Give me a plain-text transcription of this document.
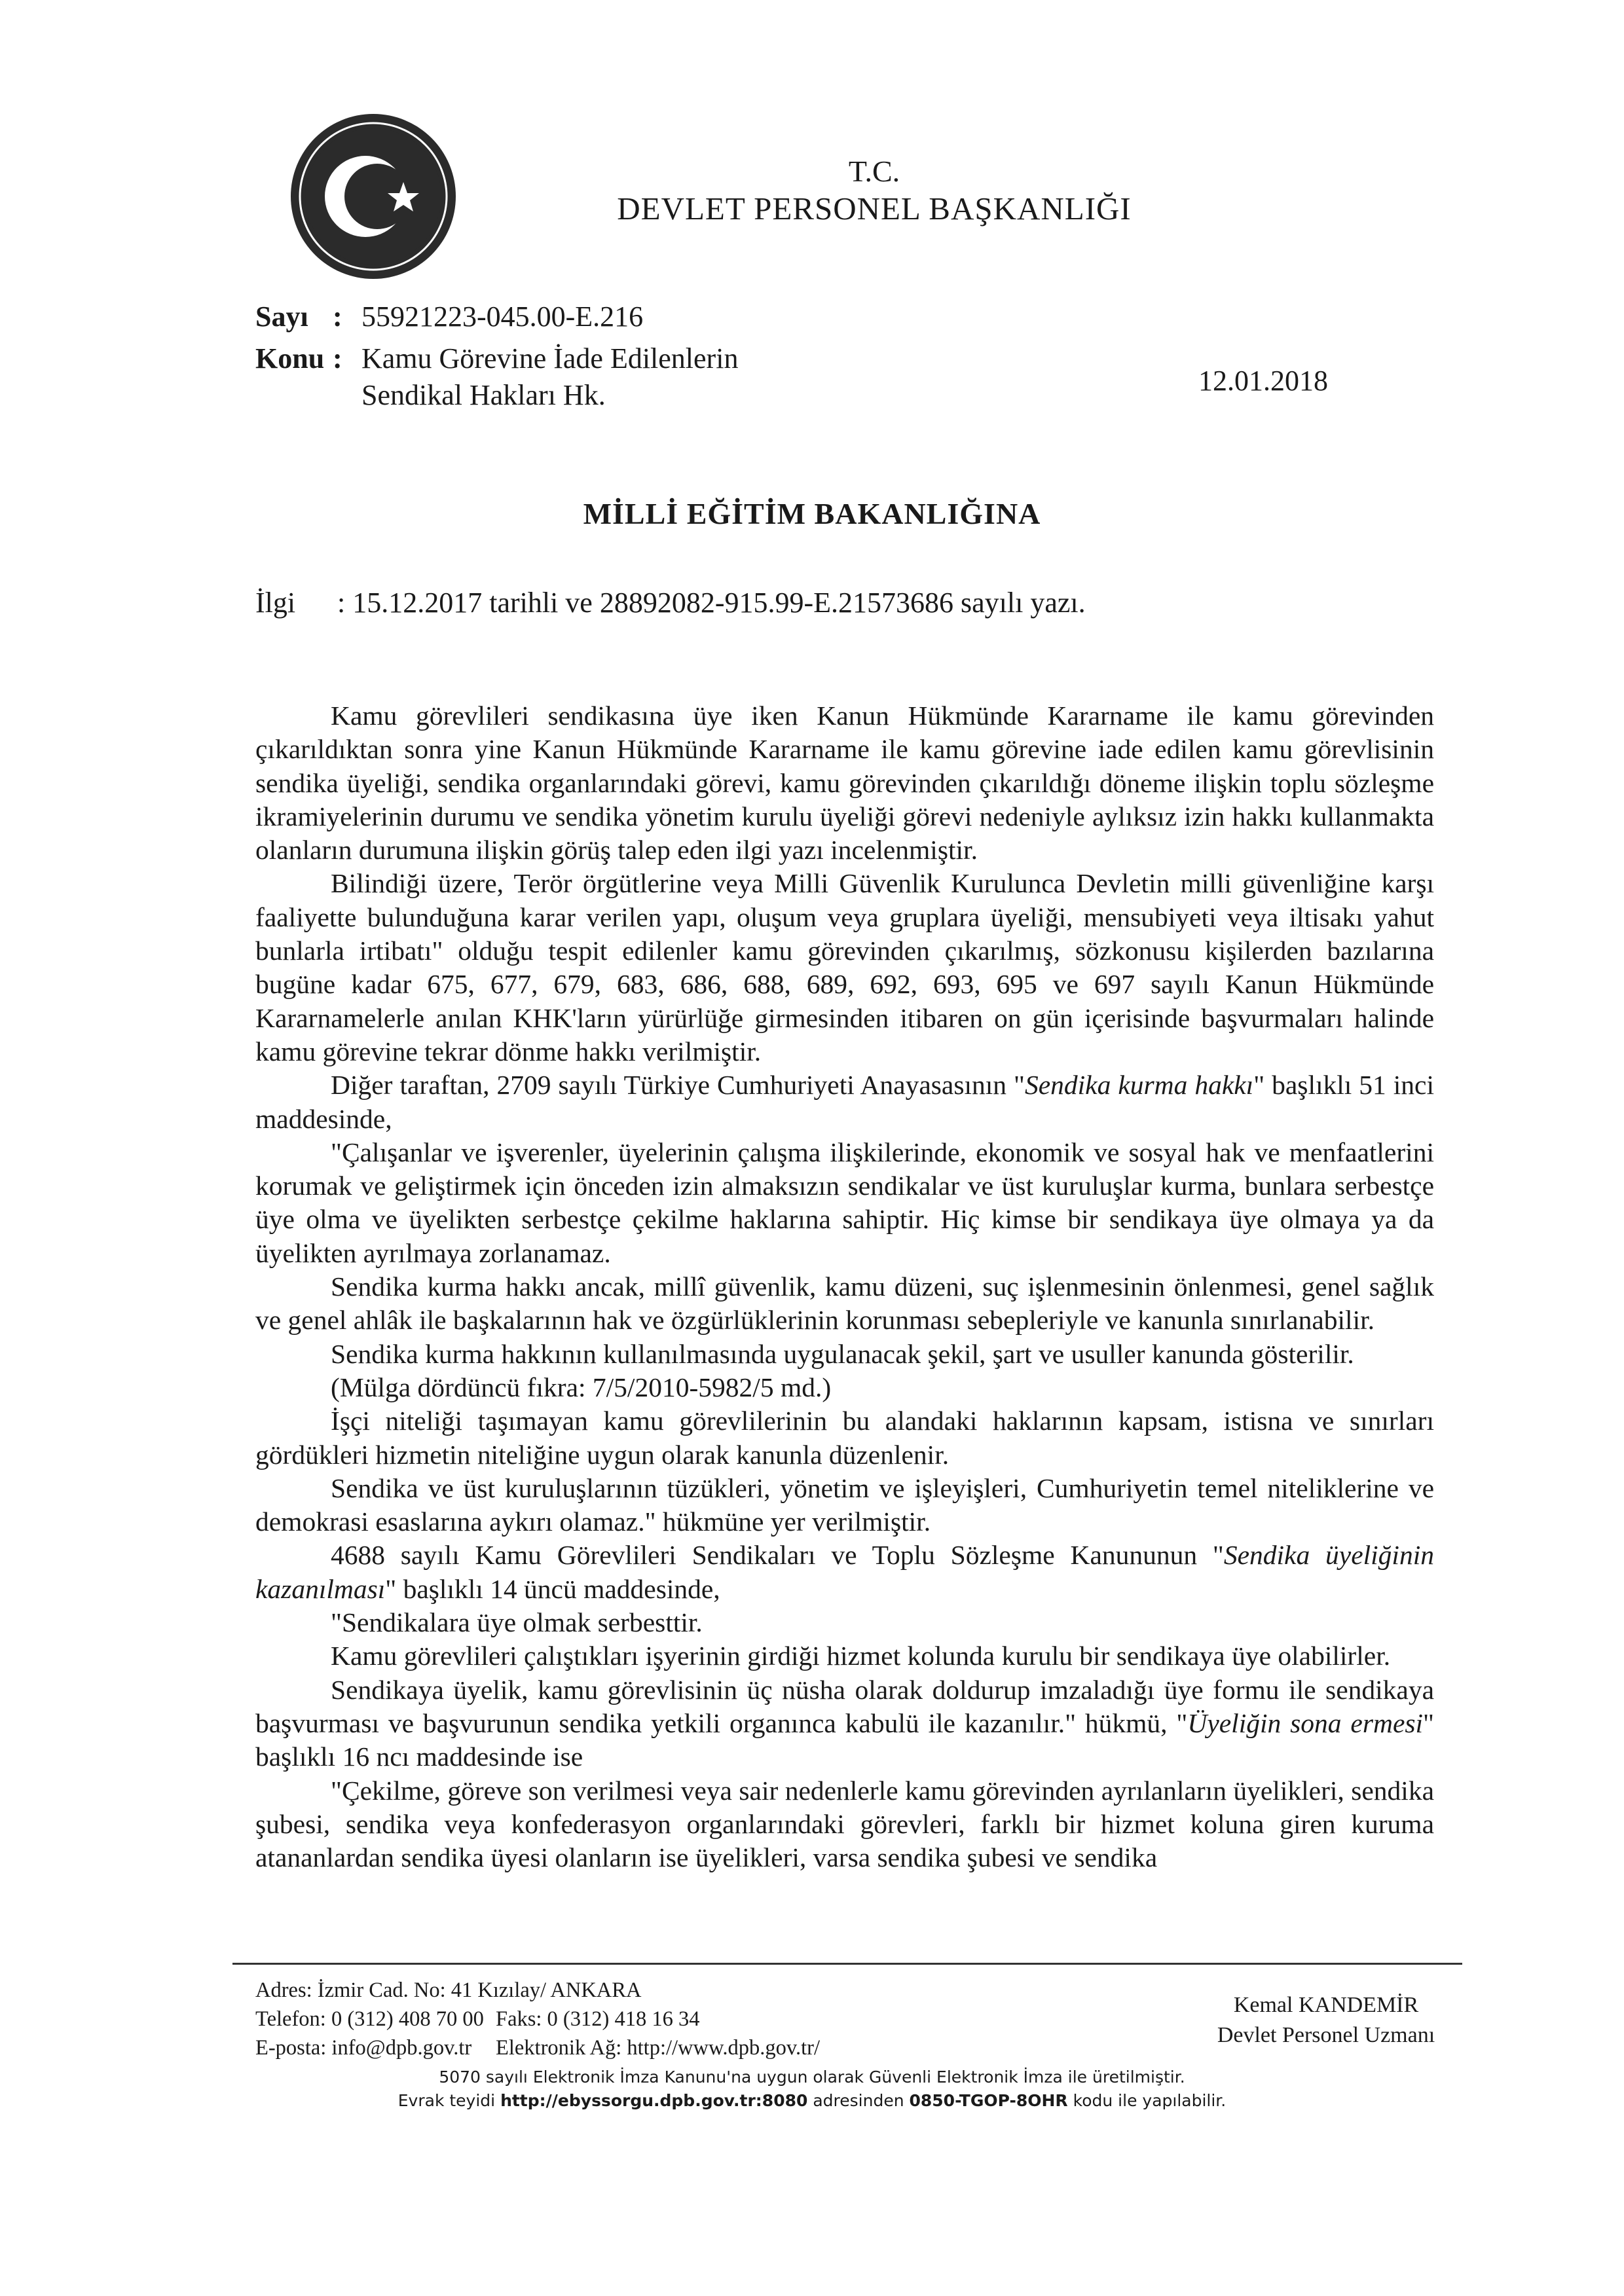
T.C.
DEVLET PERSONEL BAŞKANLIĞI
Sayı : 55921223-045.00-E.216
Konu : Kamu Görevine İade Edilenlerin
Sendikal Hakları Hk.	12.01.2018
MİLLİ EĞİTİM BAKANLIĞINA
İlgi : 15.12.2017 tarihli ve 28892082-915.99-E.21573686 sayılı yazı.

Kamu görevlileri sendikasına üye iken Kanun Hükmünde Kararname ile kamu görevinden çıkarıldıktan sonra yine Kanun Hükmünde Kararname ile kamu görevine iade edilen kamu görevlisinin sendika üyeliği, sendika organlarındaki görevi, kamu görevinden çıkarıldığı döneme ilişkin toplu sözleşme ikramiyelerinin durumu ve sendika yönetim kurulu üyeliği görevi nedeniyle aylıksız izin hakkı kullanmakta olanların durumuna ilişkin görüş talep eden ilgi yazı incelenmiştir.

Bilindiği üzere, Terör örgütlerine veya Milli Güvenlik Kurulunca Devletin milli güvenliğine karşı faaliyette bulunduğuna karar verilen yapı, oluşum veya gruplara üyeliği, mensubiyeti veya iltisakı yahut bunlarla irtibatı" olduğu tespit edilenler kamu görevinden çıkarılmış, sözkonusu kişilerden bazılarına bugüne kadar 675, 677, 679, 683, 686, 688, 689, 692, 693, 695 ve 697 sayılı Kanun Hükmünde Kararnamelerle anılan KHK'ların yürürlüğe girmesinden itibaren on gün içerisinde başvurmaları halinde kamu görevine tekrar dönme hakkı verilmiştir.

Diğer taraftan, 2709 sayılı Türkiye Cumhuriyeti Anayasasının "Sendika kurma hakkı" başlıklı 51 inci maddesinde,

"Çalışanlar ve işverenler, üyelerinin çalışma ilişkilerinde, ekonomik ve sosyal hak ve menfaatlerini korumak ve geliştirmek için önceden izin almaksızın sendikalar ve üst kuruluşlar kurma, bunlara serbestçe üye olma ve üyelikten serbestçe çekilme haklarına sahiptir. Hiç kimse bir sendikaya üye olmaya ya da üyelikten ayrılmaya zorlanamaz.

Sendika kurma hakkı ancak, millî güvenlik, kamu düzeni, suç işlenmesinin önlenmesi, genel sağlık ve genel ahlâk ile başkalarının hak ve özgürlüklerinin korunması sebepleriyle ve kanunla sınırlanabilir.

Sendika kurma hakkının kullanılmasında uygulanacak şekil, şart ve usuller kanunda gösterilir.

(Mülga dördüncü fıkra: 7/5/2010-5982/5 md.)

İşçi niteliği taşımayan kamu görevlilerinin bu alandaki haklarının kapsam, istisna ve sınırları gördükleri hizmetin niteliğine uygun olarak kanunla düzenlenir.

Sendika ve üst kuruluşlarının tüzükleri, yönetim ve işleyişleri, Cumhuriyetin temel niteliklerine ve demokrasi esaslarına aykırı olamaz." hükmüne yer verilmiştir.

4688 sayılı Kamu Görevlileri Sendikaları ve Toplu Sözleşme Kanununun "Sendika üyeliğinin kazanılması" başlıklı 14 üncü maddesinde,

"Sendikalara üye olmak serbesttir.

Kamu görevlileri çalıştıkları işyerinin girdiği hizmet kolunda kurulu bir sendikaya üye olabilirler.

Sendikaya üyelik, kamu görevlisinin üç nüsha olarak doldurup imzaladığı üye formu ile sendikaya başvurması ve başvurunun sendika yetkili organınca kabulü ile kazanılır." hükmü, "Üyeliğin sona ermesi" başlıklı 16 ncı maddesinde ise

"Çekilme, göreve son verilmesi veya sair nedenlerle kamu görevinden ayrılanların üyelikleri, sendika şubesi, sendika veya konfederasyon organlarındaki görevleri, farklı bir hizmet koluna giren kuruma atananlardan sendika üyesi olanların ise üyelikleri, varsa sendika şubesi ve sendika

Adres: İzmir Cad. No: 41 Kızılay/ ANKARA
Telefon: 0 (312) 408 70 00 Faks: 0 (312) 418 16 34
E-posta: info@dpb.gov.tr Elektronik Ağ: http://www.dpb.gov.tr/
Kemal KANDEMİR
Devlet Personel Uzmanı
5070 sayılı Elektronik İmza Kanunu'na uygun olarak Güvenli Elektronik İmza ile üretilmiştir.
Evrak teyidi http://ebyssorgu.dpb.gov.tr:8080 adresinden 0850-TGOP-8OHR kodu ile yapılabilir.
